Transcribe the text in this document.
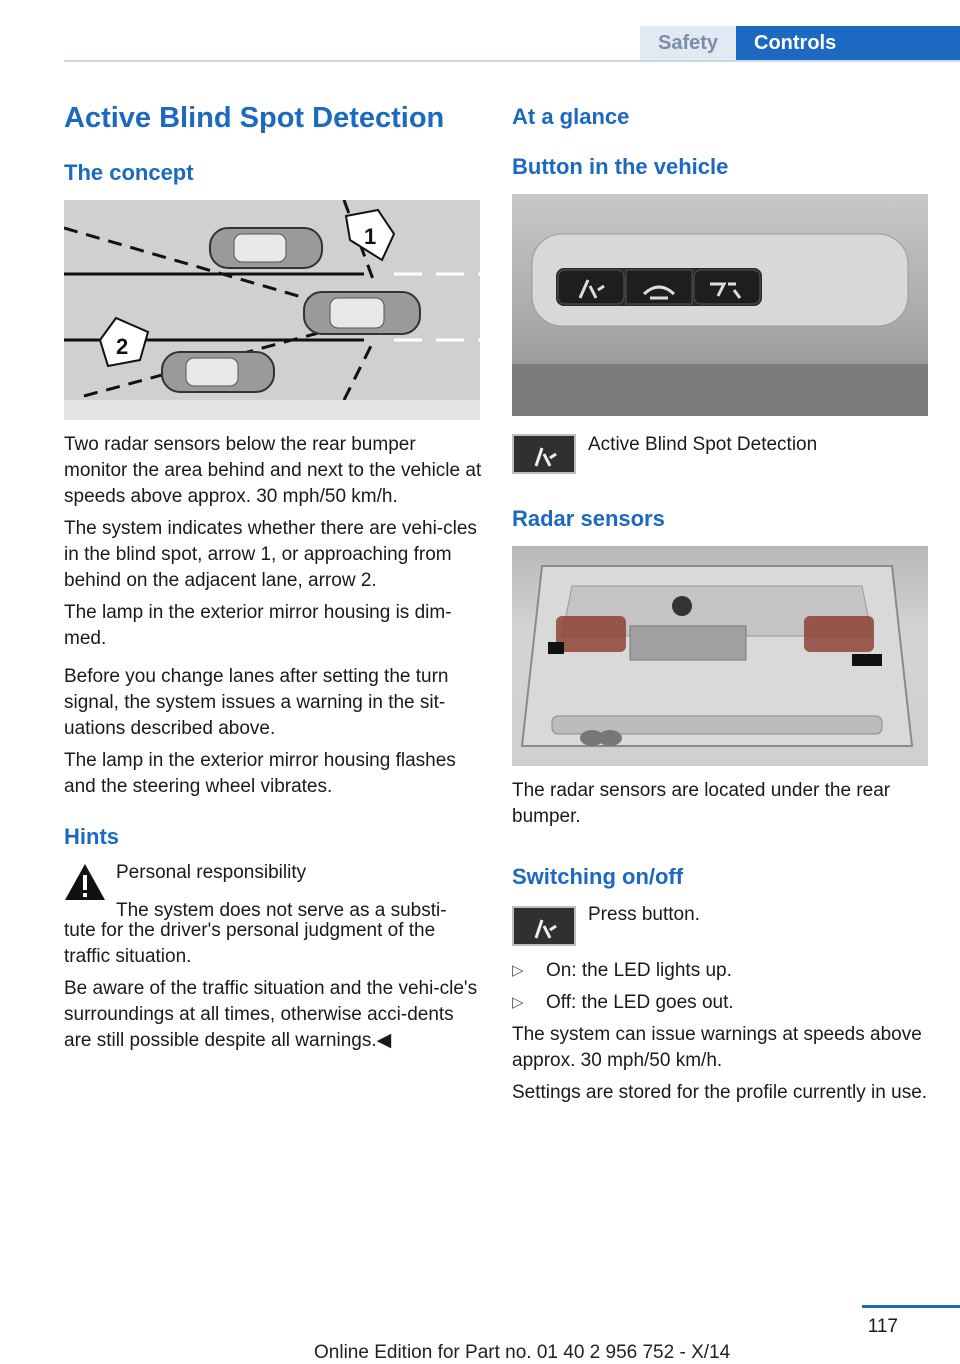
Safety	Controls
Active Blind Spot Detection
The concept
1
2

Two radar sensors below the rear bumper monitor the area behind and next to the vehicle at speeds above approx. 30 mph/50 km/h.

The system indicates whether there are vehi-cles in the blind spot, arrow 1, or approaching from behind on the adjacent lane, arrow 2.

The lamp in the exterior mirror housing is dim-med.

Before you change lanes after setting the turn signal, the system issues a warning in the sit-uations described above.

The lamp in the exterior mirror housing flashes and the steering wheel vibrates.

Hints
Personal responsibility
The system does not serve as a substi-

tute for the driver's personal judgment of the traffic situation.

Be aware of the traffic situation and the vehi-cle's surroundings at all times, otherwise acci-dents are still possible despite all warnings.◀

At a glance
Button in the vehicle
Active Blind Spot Detection
Radar sensors

The radar sensors are located under the rear bumper.

Switching on/off
Press button.
▷ On: the LED lights up.
▷ Off: the LED goes out.

The system can issue warnings at speeds above approx. 30 mph/50 km/h.

Settings are stored for the profile currently in use.

117
Online Edition for Part no. 01 40 2 956 752 - X/14
